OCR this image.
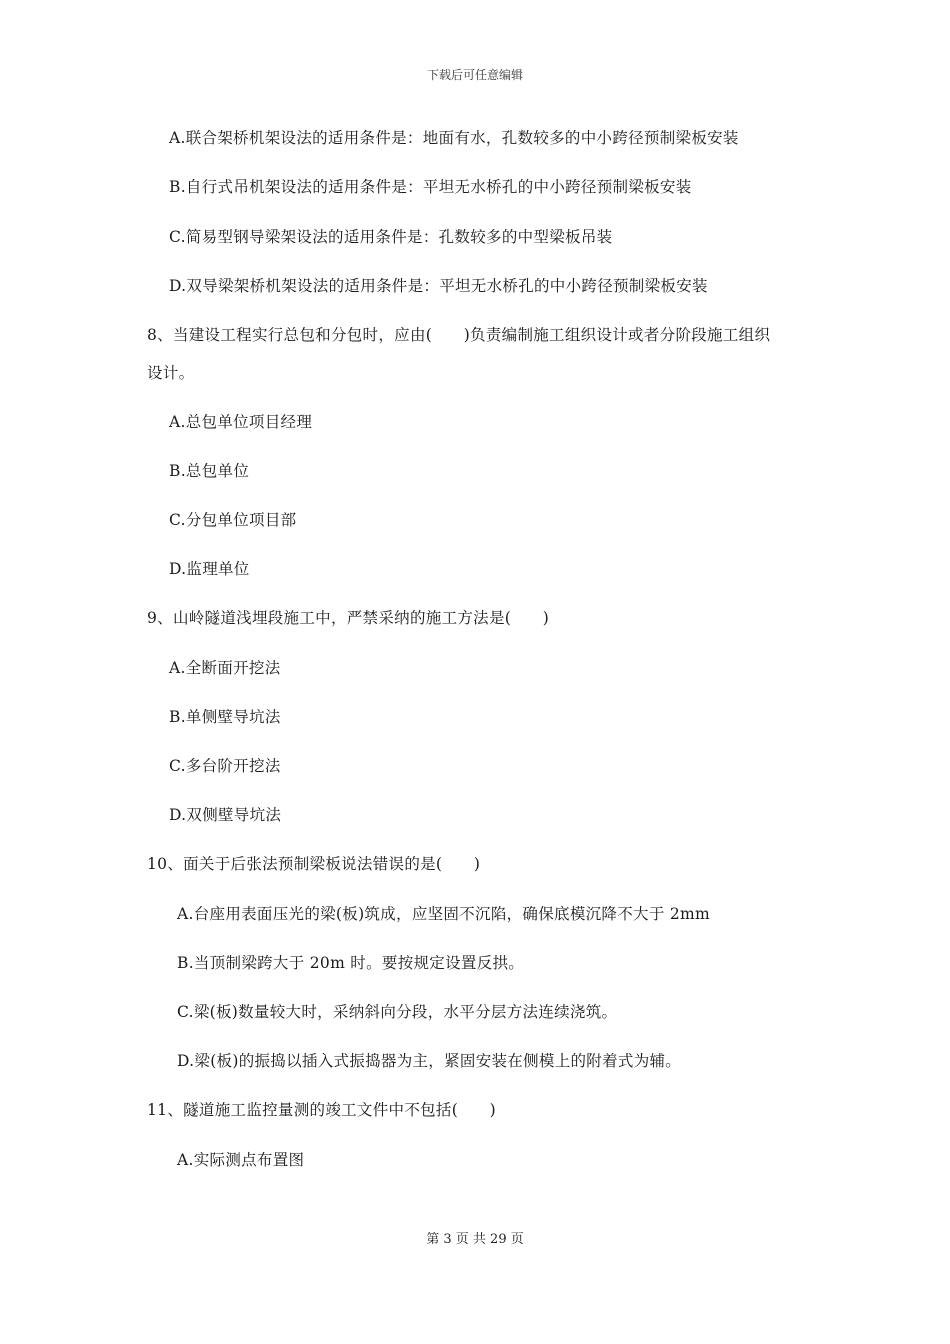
下载后可任意编辑
A.联合架桥机架设法的适用条件是：地面有水，孔数较多的中小跨径预制梁板安装
B.自行式吊机架设法的适用条件是：平坦无水桥孔的中小跨径预制梁板安装
C.简易型钢导梁架设法的适用条件是：孔数较多的中型梁板吊装
D.双导梁架桥机架设法的适用条件是：平坦无水桥孔的中小跨径预制梁板安装
8、当建设工程实行总包和分包时，应由(　　)负责编制施工组织设计或者分阶段施工组织
设计。
A.总包单位项目经理
B.总包单位
C.分包单位项目部
D.监理单位
9、山岭隧道浅埋段施工中，严禁采纳的施工方法是(　　)
A.全断面开挖法
B.单侧壁导坑法
C.多台阶开挖法
D.双侧壁导坑法
10、面关于后张法预制梁板说法错误的是(　　)
A.台座用表面压光的梁(板)筑成，应坚固不沉陷，确保底模沉降不大于 2mm
B.当顶制梁跨大于 20m 时。要按规定设置反拱。
C.梁(板)数量较大时，采纳斜向分段，水平分层方法连续浇筑。
D.梁(板)的振捣以插入式振捣器为主，紧固安装在侧模上的附着式为辅。
11、隧道施工监控量测的竣工文件中不包括(　　)
A.实际测点布置图
第 3 页 共 29 页
